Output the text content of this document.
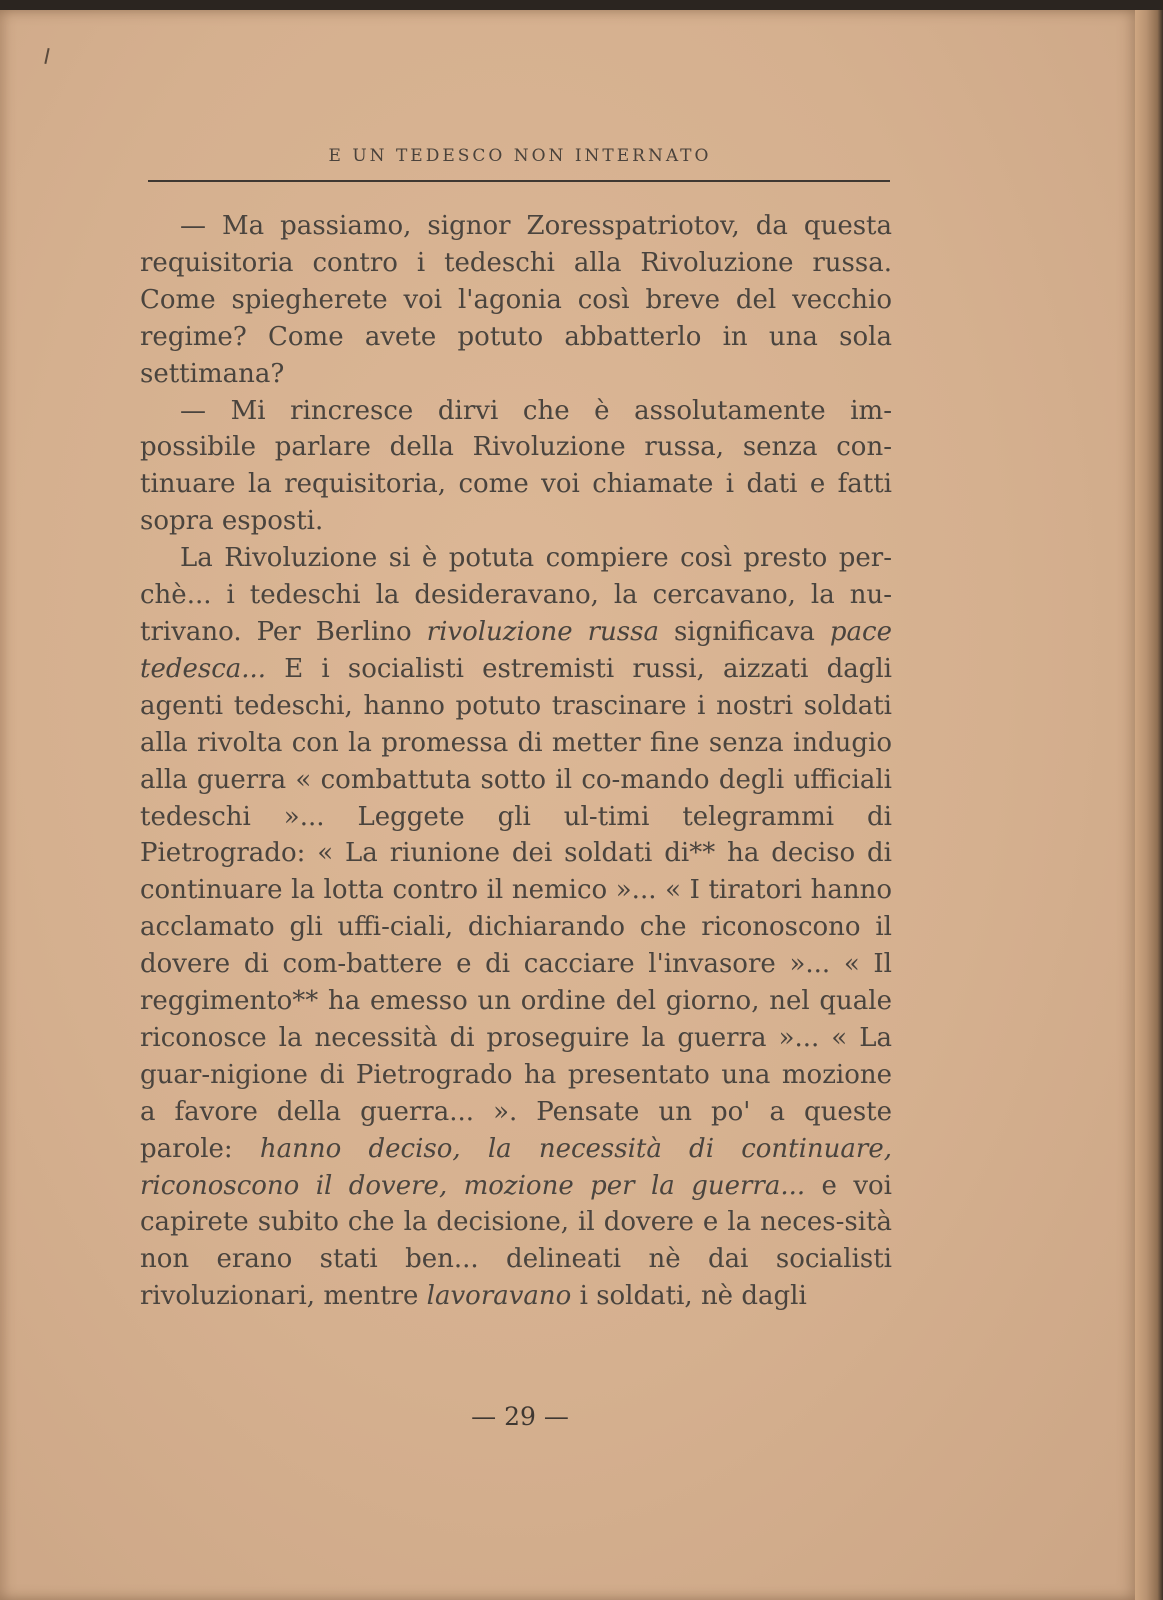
E UN TEDESCO NON INTERNATO

— Ma passiamo, signor Zoresspatriotov, da questa requisitoria contro i tedeschi alla Rivoluzione russa. Come spiegherete voi l'agonia così breve del vecchio regime? Come avete potuto abbatterlo in una sola settimana?

— Mi rincresce dirvi che è assolutamente im-possibile parlare della Rivoluzione russa, senza con-tinuare la requisitoria, come voi chiamate i dati e fatti sopra esposti.

La Rivoluzione si è potuta compiere così presto per-chè... i tedeschi la desideravano, la cercavano, la nu-trivano. Per Berlino rivoluzione russa significava pace tedesca... E i socialisti estremisti russi, aizzati dagli agenti tedeschi, hanno potuto trascinare i nostri soldati alla rivolta con la promessa di metter fine senza indugio alla guerra « combattuta sotto il co-mando degli ufficiali tedeschi »... Leggete gli ul-timi telegrammi di Pietrogrado: « La riunione dei soldati di** ha deciso di continuare la lotta contro il nemico »... « I tiratori hanno acclamato gli uffi-ciali, dichiarando che riconoscono il dovere di com-battere e di cacciare l'invasore »... « Il reggimento** ha emesso un ordine del giorno, nel quale riconosce la necessità di proseguire la guerra »... « La guar-nigione di Pietrogrado ha presentato una mozione a favore della guerra... ». Pensate un po' a queste parole: hanno deciso, la necessità di continuare, riconoscono il dovere, mozione per la guerra... e voi capirete subito che la decisione, il dovere e la neces-sità non erano stati ben... delineati nè dai socialisti rivoluzionari, mentre lavoravano i soldati, nè dagli

— 29 —
